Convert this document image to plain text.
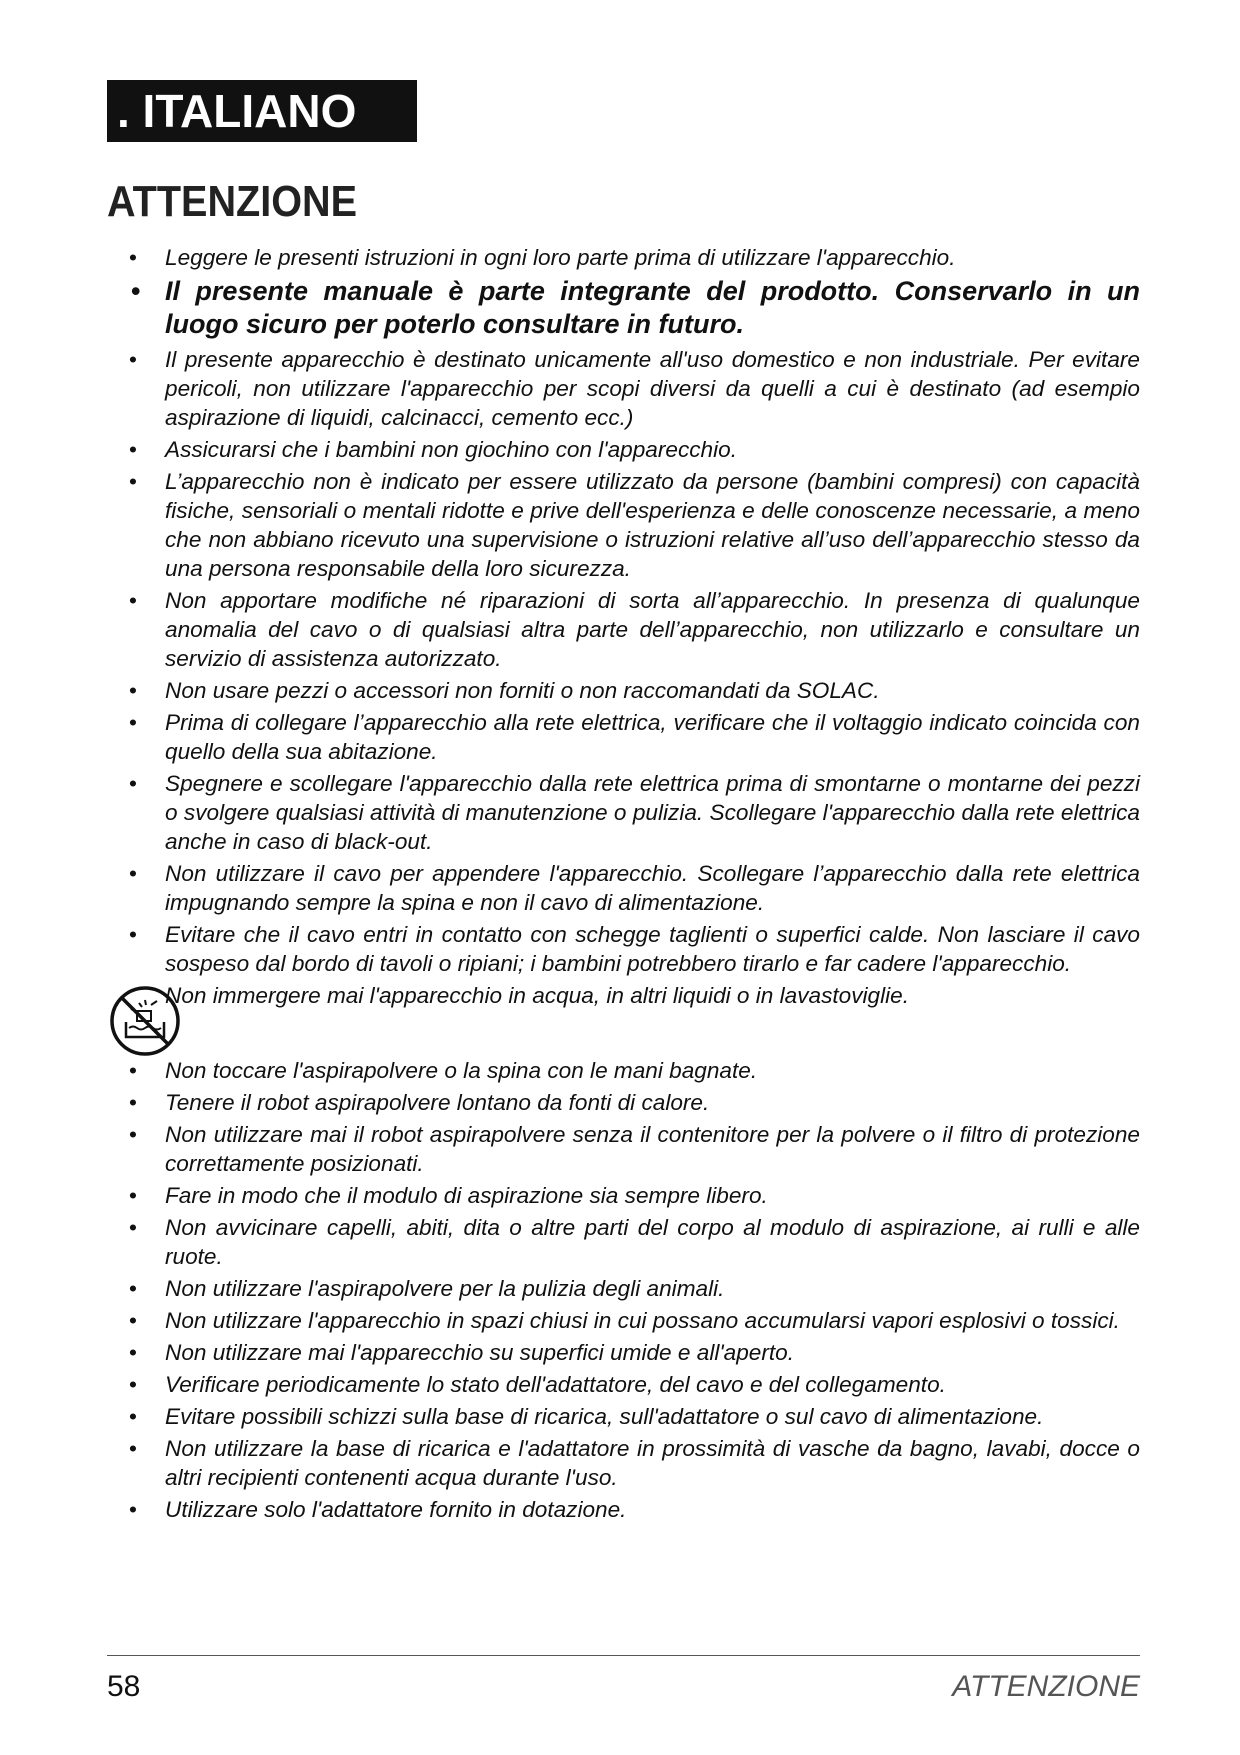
. ITALIANO
ATTENZIONE
• Leggere le presenti istruzioni in ogni loro parte prima di utilizzare l'apparecchio.
• Il presente manuale è parte integrante del prodotto. Conservarlo in un luogo sicuro per poterlo consultare in futuro.
• Il presente apparecchio è destinato unicamente all'uso domestico e non industriale. Per evitare pericoli, non utilizzare l'apparecchio per scopi diversi da quelli a cui è destinato (ad esempio aspirazione di liquidi, calcinacci, cemento ecc.)
• Assicurarsi che i bambini non giochino con l'apparecchio.
• L’apparecchio non è indicato per essere utilizzato da persone (bambini compresi) con capacità fisiche, sensoriali o mentali ridotte e prive dell'esperienza e delle conoscenze necessarie, a meno che non abbiano ricevuto una supervisione o istruzioni relative all’uso dell’apparecchio stesso da una persona responsabile della loro sicurezza.
• Non apportare modifiche né riparazioni di sorta all’apparecchio. In presenza di qualunque anomalia del cavo o di qualsiasi altra parte dell’apparecchio, non utilizzarlo e consultare un servizio di assistenza autorizzato.
• Non usare pezzi o accessori non forniti o non raccomandati da SOLAC.
• Prima di collegare l’apparecchio alla rete elettrica, verificare che il voltaggio indicato coincida con quello della sua abitazione.
• Spegnere e scollegare l'apparecchio dalla rete elettrica prima di smontarne o montarne dei pezzi o svolgere qualsiasi attività di manutenzione o pulizia. Scollegare l'apparecchio dalla rete elettrica anche in caso di black-out.
• Non utilizzare il cavo per appendere l'apparecchio. Scollegare l’apparecchio dalla rete elettrica impugnando sempre la spina e non il cavo di alimentazione.
• Evitare che il cavo entri in contatto con schegge taglienti o superfici calde. Non lasciare il cavo sospeso dal bordo di tavoli o ripiani; i bambini potrebbero tirarlo e far cadere l'apparecchio.
Non immergere mai l'apparecchio in acqua, in altri liquidi o in lavastoviglie.
• Non toccare l'aspirapolvere o la spina con le mani bagnate.
• Tenere il robot aspirapolvere lontano da fonti di calore.
• Non utilizzare mai il robot aspirapolvere senza il contenitore per la polvere o il filtro di protezione correttamente posizionati.
• Fare in modo che il modulo di aspirazione sia sempre libero.
• Non avvicinare capelli, abiti, dita o altre parti del corpo al modulo di aspirazione, ai rulli e alle ruote.
• Non utilizzare l'aspirapolvere per la pulizia degli animali.
• Non utilizzare l'apparecchio in spazi chiusi in cui possano accumularsi vapori esplosivi o tossici.
• Non utilizzare mai l'apparecchio su superfici umide e all'aperto.
• Verificare periodicamente lo stato dell'adattatore, del cavo e del collegamento.
• Evitare possibili schizzi sulla base di ricarica, sull'adattatore o sul cavo di alimentazione.
• Non utilizzare la base di ricarica e l'adattatore in prossimità di vasche da bagno, lavabi, docce o altri recipienti contenenti acqua durante l'uso.
• Utilizzare solo l'adattatore fornito in dotazione.
58	ATTENZIONE
